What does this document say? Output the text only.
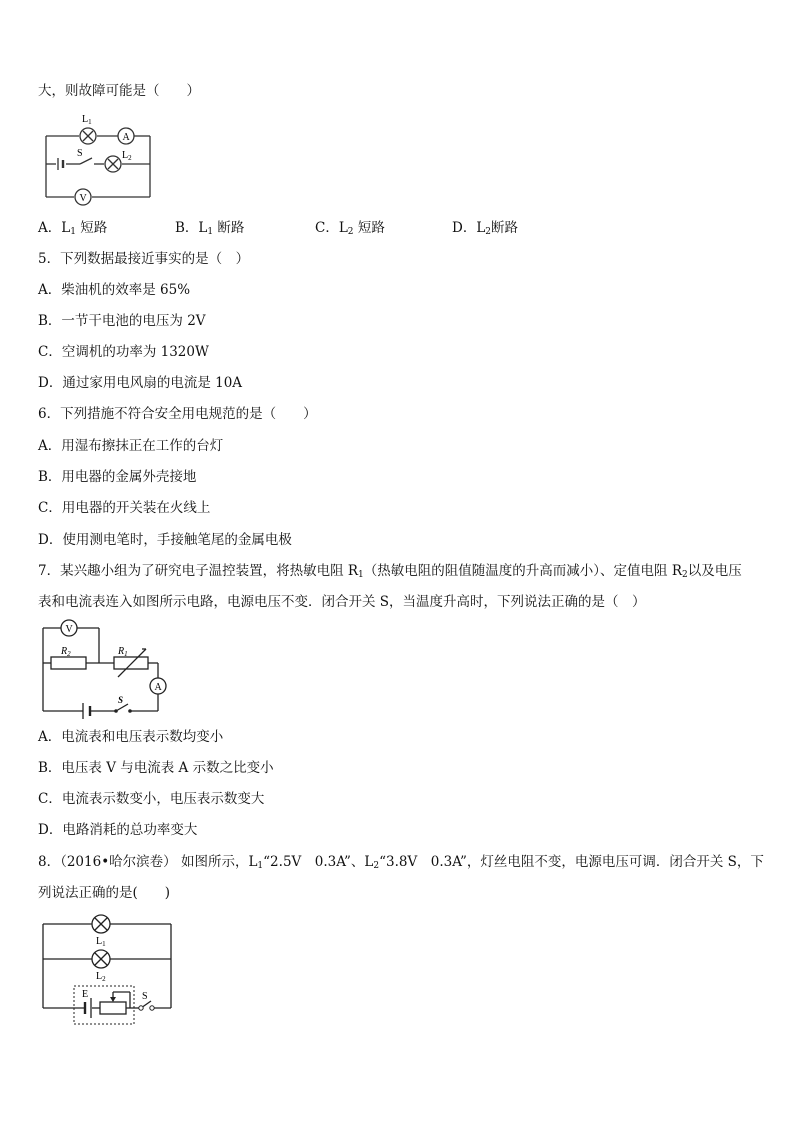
大，则故障可能是（　　）
$L_1$
A
S	$L_2$
V
A．$L_1$ 短路	B．$L_1$ 断路	C．$L_2$ 短路	D．$L_2$断路
5．下列数据最接近事实的是（　）
A．柴油机的效率是 65%
B．一节干电池的电压为 2V
C．空调机的功率为 1320W
D．通过家用电风扇的电流是 10A
6．下列措施不符合安全用电规范的是（　　）
A．用湿布擦抹正在工作的台灯
B．用电器的金属外壳接地
C．用电器的开关装在火线上
D．使用测电笔时，手接触笔尾的金属电极
7．某兴趣小组为了研究电子温控装置，将热敏电阻 $R_1$（热敏电阻的阻值随温度的升高而减小）、定值电阻 $R_2$以及电压
表和电流表连入如图所示电路，电源电压不变．闭合开关 S，当温度升高时，下列说法正确的是（　）
V
$R_2$	$R_1$
A
S
A．电流表和电压表示数均变小
B．电压表 V 与电流表 A 示数之比变小
C．电流表示数变小，电压表示数变大
D．电路消耗的总功率变大
8．（2016•哈尔滨卷） 如图所示，$L_1“2.5V$　0.3A”、$L_2“3.8V$　0.3A”，灯丝电阻不变，电源电压可调．闭合开关 S，下
列说法正确的是(　　)
$L_1$
$L_2$
E	S
